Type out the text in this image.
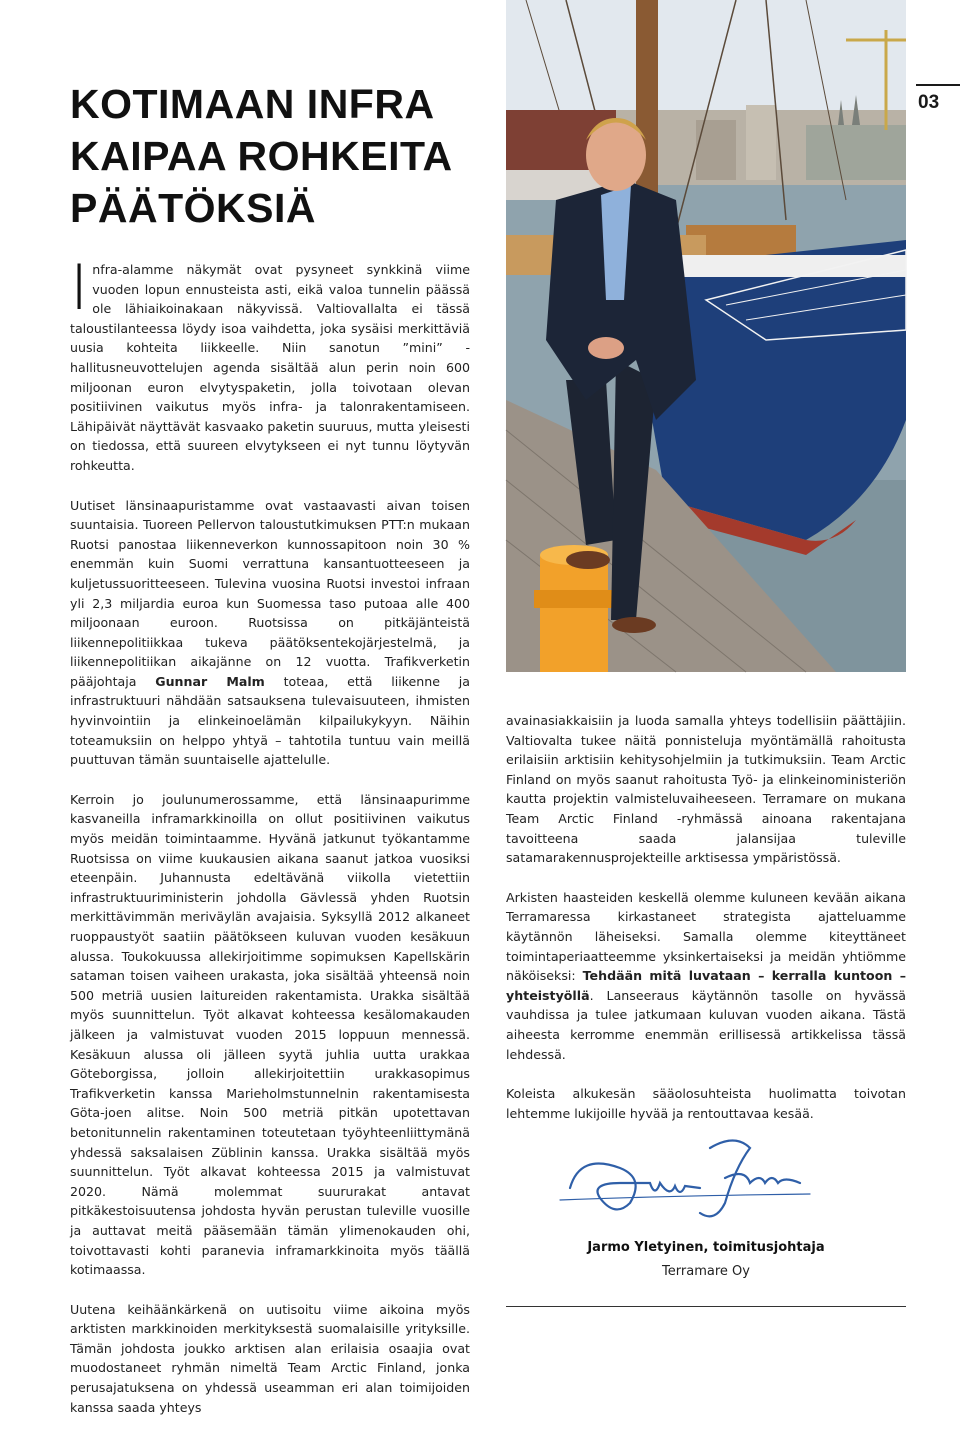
03
KOTIMAAN INFRA
KAIPAA ROHKEITA
PÄÄTÖKSIÄ

Infra-alamme näkymät ovat pysyneet synkkinä viime vuoden lopun ennusteista asti, eikä valoa tunnelin päässä ole lähiaikoinakaan näkyvissä. Valtiovallalta ei tässä taloustilanteessa löydy isoa vaihdetta, joka sysäisi merkittäviä uusia kohteita liikkeelle. Niin sanotun ”mini” -hallitusneuvottelujen agenda sisältää alun perin noin 600 miljoonan euron elvytyspaketin, jolla toivotaan olevan positiivinen vaikutus myös infra- ja talonrakentamiseen. Lähipäivät näyttävät kasvaako paketin suuruus, mutta yleisesti on tiedossa, että suureen elvytykseen ei nyt tunnu löytyvän rohkeutta.

Uutiset länsinaapuristamme ovat vastaavasti aivan toisen suuntaisia. Tuoreen Pellervon taloustutkimuksen PTT:n mukaan Ruotsi panostaa liikenneverkon kunnossapitoon noin 30 % enemmän kuin Suomi verrattuna kansantuotteeseen ja kuljetussuoritteeseen. Tulevina vuosina Ruotsi investoi infraan yli 2,3 miljardia euroa kun Suomessa taso putoaa alle 400 miljoonaan euroon. Ruotsissa on pitkäjänteistä liikennepolitiikkaa tukeva päätöksentekojärjestelmä, ja liikennepolitiikan aikajänne on 12 vuotta. Trafikverketin pääjohtaja Gunnar Malm toteaa, että liikenne ja infrastruktuuri nähdään satsauksena tulevaisuuteen, ihmisten hyvinvointiin ja elinkeinoelämän kilpailukykyyn. Näihin toteamuksiin on helppo yhtyä – tahtotila tuntuu vain meillä puuttuvan tämän suuntaiselle ajattelulle.

Kerroin jo joulunumerossamme, että länsinaapurimme kasvaneilla inframarkkinoilla on ollut positiivinen vaikutus myös meidän toimintaamme. Hyvänä jatkunut työkantamme Ruotsissa on viime kuukausien aikana saanut jatkoa vuosiksi eteenpäin. Juhannusta edeltävänä viikolla vietettiin infrastruktuuriministerin johdolla Gävlessä yhden Ruotsin merkittävimmän meriväylän avajaisia. Syksyllä 2012 alkaneet ruoppaustyöt saatiin päätökseen kuluvan vuoden kesäkuun alussa. Toukokuussa allekirjoitimme sopimuksen Kapellskärin sataman toisen vaiheen urakasta, joka sisältää yhteensä noin 500 metriä uusien laitureiden rakentamista. Urakka sisältää myös suunnittelun. Työt alkavat kohteessa kesälomakauden jälkeen ja valmistuvat vuoden 2015 loppuun mennessä. Kesäkuun alussa oli jälleen syytä juhlia uutta urakkaa Göteborgissa, jolloin allekirjoitettiin urakkasopimus Trafikverketin kanssa Marieholmstunnelnin rakentamisesta Göta-joen alitse. Noin 500 metriä pitkän upotettavan betonitunnelin rakentaminen toteutetaan työyhteenliittymänä yhdessä saksalaisen Züblinin kanssa. Urakka sisältää myös suunnittelun. Työt alkavat kohteessa 2015 ja valmistuvat 2020. Nämä molemmat suururakat antavat pitkäkestoisuutensa johdosta hyvän perustan tuleville vuosille ja auttavat meitä pääsemään tämän ylimenokauden ohi, toivottavasti kohti paranevia inframarkkinoita myös täällä kotimaassa.

Uutena keihäänkärkenä on uutisoitu viime aikoina myös arktisten markkinoiden merkityksestä suomalaisille yrityksille. Tämän johdosta joukko arktisen alan erilaisia osaajia ovat muodostaneet ryhmän nimeltä Team Arctic Finland, jonka perusajatuksena on yhdessä useamman eri alan toimijoiden kanssa saada yhteys

avainasiakkaisiin ja luoda samalla yhteys todellisiin päättäjiin. Valtiovalta tukee näitä ponnisteluja myöntämällä rahoitusta erilaisiin arktisiin kehitysohjelmiin ja tutkimuksiin. Team Arctic Finland on myös saanut rahoitusta Työ- ja elinkeinoministeriön kautta projektin valmisteluvaiheeseen. Terramare on mukana Team Arctic Finland -ryhmässä ainoana rakentajana tavoitteena saada jalansijaa tuleville satamarakennusprojekteille arktisessa ympäristössä.

Arkisten haasteiden keskellä olemme kuluneen kevään aikana Terramaressa kirkastaneet strategista ajatteluamme käytännön läheiseksi. Samalla olemme kiteyttäneet toimintaperiaatteemme yksinkertaiseksi ja meidän yhtiömme näköiseksi: Tehdään mitä luvataan – kerralla kuntoon – yhteistyöllä. Lanseeraus käytännön tasolle on hyvässä vauhdissa ja tulee jatkumaan kuluvan vuoden aikana. Tästä aiheesta kerromme enemmän erillisessä artikkelissa tässä lehdessä.

Koleista alkukesän sääolosuhteista huolimatta toivotan lehtemme lukijoille hyvää ja rentouttavaa kesää.

Jarmo Yletyinen, toimitusjohtaja
Terramare Oy
